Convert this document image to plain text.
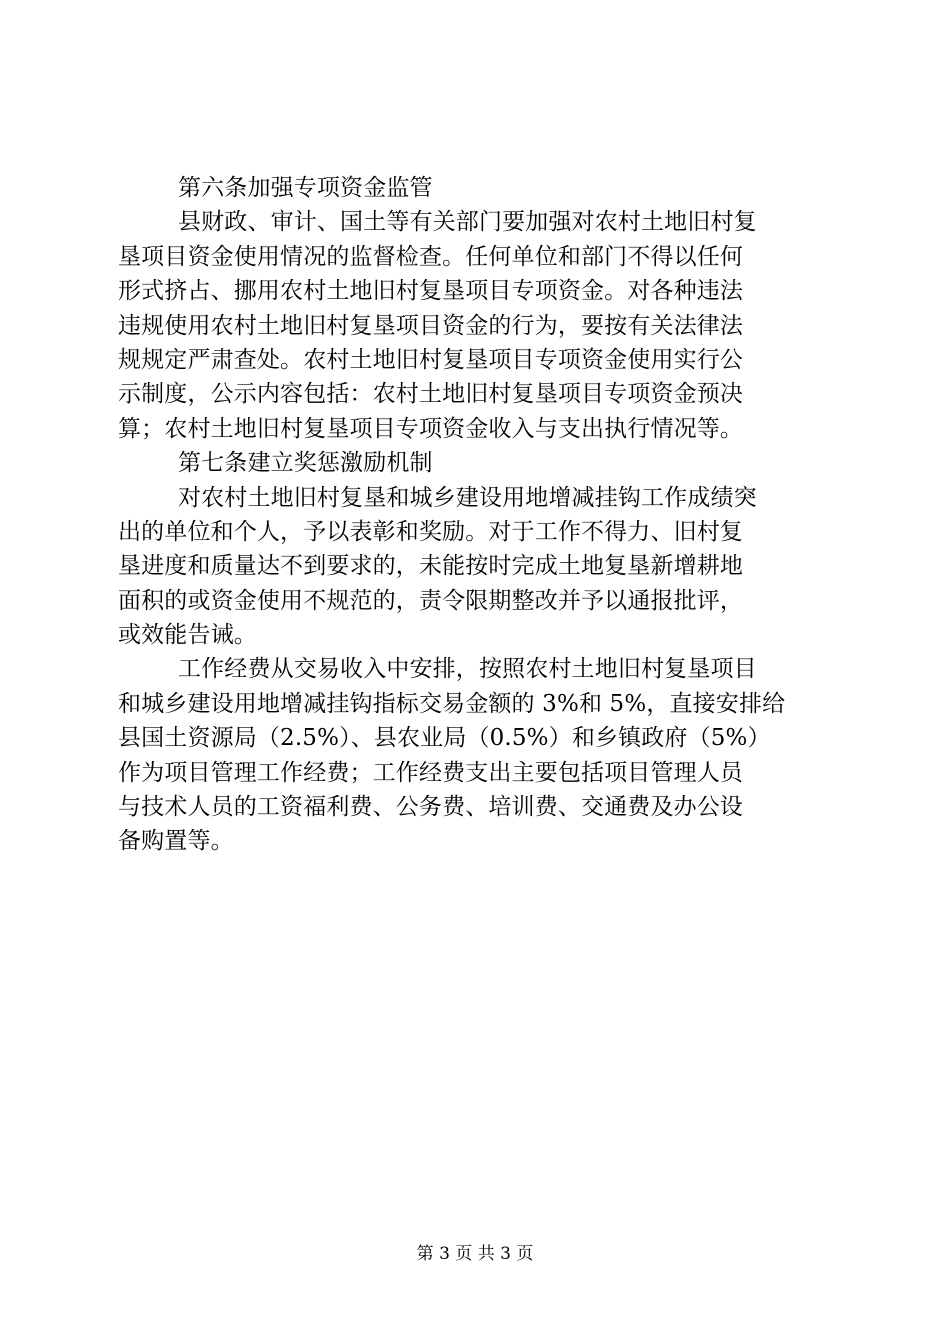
第六条加强专项资金监管
县财政、审计、国土等有关部门要加强对农村土地旧村复
垦项目资金使用情况的监督检查。任何单位和部门不得以任何
形式挤占、挪用农村土地旧村复垦项目专项资金。对各种违法
违规使用农村土地旧村复垦项目资金的行为，要按有关法律法
规规定严肃查处。农村土地旧村复垦项目专项资金使用实行公
示制度，公示内容包括：农村土地旧村复垦项目专项资金预决
算；农村土地旧村复垦项目专项资金收入与支出执行情况等。
第七条建立奖惩激励机制
对农村土地旧村复垦和城乡建设用地增减挂钩工作成绩突
出的单位和个人，予以表彰和奖励。对于工作不得力、旧村复
垦进度和质量达不到要求的，未能按时完成土地复垦新增耕地
面积的或资金使用不规范的，责令限期整改并予以通报批评，
或效能告诫。
工作经费从交易收入中安排，按照农村土地旧村复垦项目
和城乡建设用地增减挂钩指标交易金额的 3%和 5%，直接安排给
县国土资源局（2.5%）、县农业局（0.5%）和乡镇政府（5%）
作为项目管理工作经费；工作经费支出主要包括项目管理人员
与技术人员的工资福利费、公务费、培训费、交通费及办公设
备购置等。
第 3 页 共 3 页
